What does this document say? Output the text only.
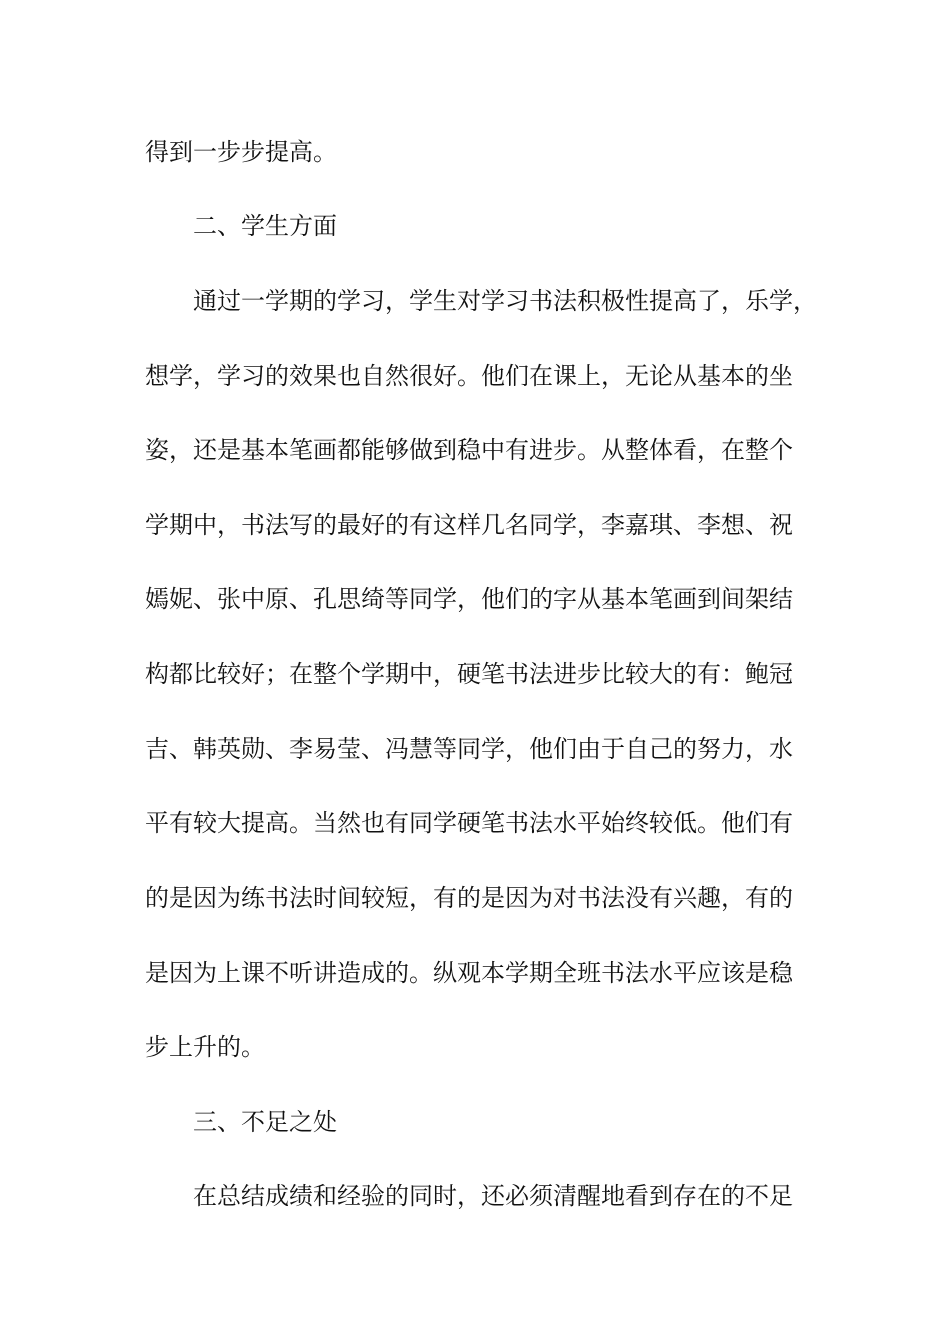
得到一步步提高。
二、学生方面
通过一学期的学习，学生对学习书法积极性提高了，乐学，
想学，学习的效果也自然很好。他们在课上，无论从基本的坐
姿，还是基本笔画都能够做到稳中有进步。从整体看，在整个
学期中，书法写的最好的有这样几名同学，李嘉琪、李想、祝
嫣妮、张中原、孔思绮等同学，他们的字从基本笔画到间架结
构都比较好；在整个学期中，硬笔书法进步比较大的有：鲍冠
吉、韩英勋、李易莹、冯慧等同学，他们由于自己的努力，水
平有较大提高。当然也有同学硬笔书法水平始终较低。他们有
的是因为练书法时间较短，有的是因为对书法没有兴趣，有的
是因为上课不听讲造成的。纵观本学期全班书法水平应该是稳
步上升的。
三、不足之处
在总结成绩和经验的同时，还必须清醒地看到存在的不足
